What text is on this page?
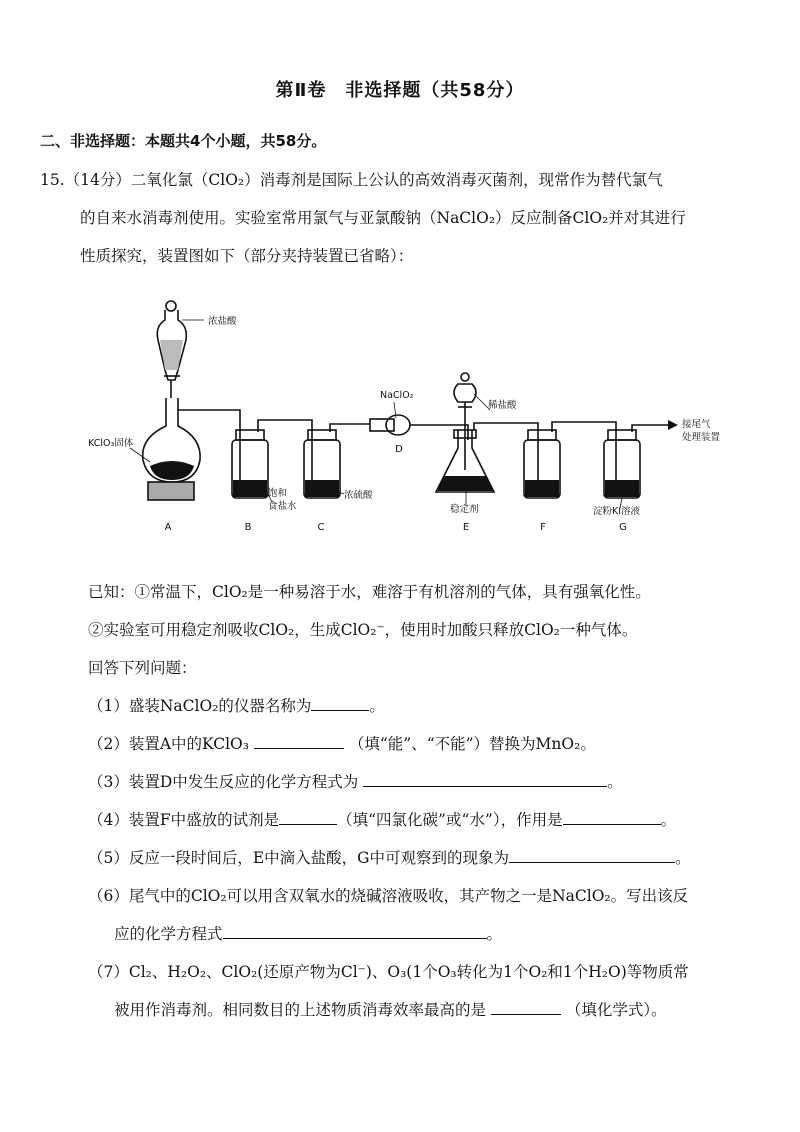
第Ⅱ卷　非选择题（共58分）
二、非选择题：本题共4个小题，共58分。
15.（14分）二氧化氯（ClO₂）消毒剂是国际上公认的高效消毒灭菌剂，现常作为替代氯气
的自来水消毒剂使用。实验室常用氯气与亚氯酸钠（NaClO₂）反应制备ClO₂并对其进行
性质探究，装置图如下（部分夹持装置已省略）：
浓盐酸
KClO₃固体
NaClO₂
稀盐酸
接尾气
处理装置
饱和
食盐水
浓硫酸
稳定剂	淀粉KI溶液
A	B	C
D
E	F	G
已知：①常温下，ClO₂是一种易溶于水，难溶于有机溶剂的气体，具有强氧化性。
②实验室可用稳定剂吸收ClO₂，生成ClO₂⁻，使用时加酸只释放ClO₂一种气体。
回答下列问题：
（1）盛装NaClO₂的仪器名称为	。
（2）装置A中的KClO₃	（填“能”、“不能”）替换为MnO₂。
（3）装置D中发生反应的化学方程式为	。
（4）装置F中盛放的试剂是	（填“四氯化碳”或“水”），作用是	。
（5）反应一段时间后，E中滴入盐酸，G中可观察到的现象为	。
（6）尾气中的ClO₂可以用含双氧水的烧碱溶液吸收，其产物之一是NaClO₂。写出该反
应的化学方程式	。
（7）Cl₂、H₂O₂、ClO₂(还原产物为Cl⁻)、O₃(1个O₃转化为1个O₂和1个H₂O)等物质常
被用作消毒剂。相同数目的上述物质消毒效率最高的是	（填化学式）。
